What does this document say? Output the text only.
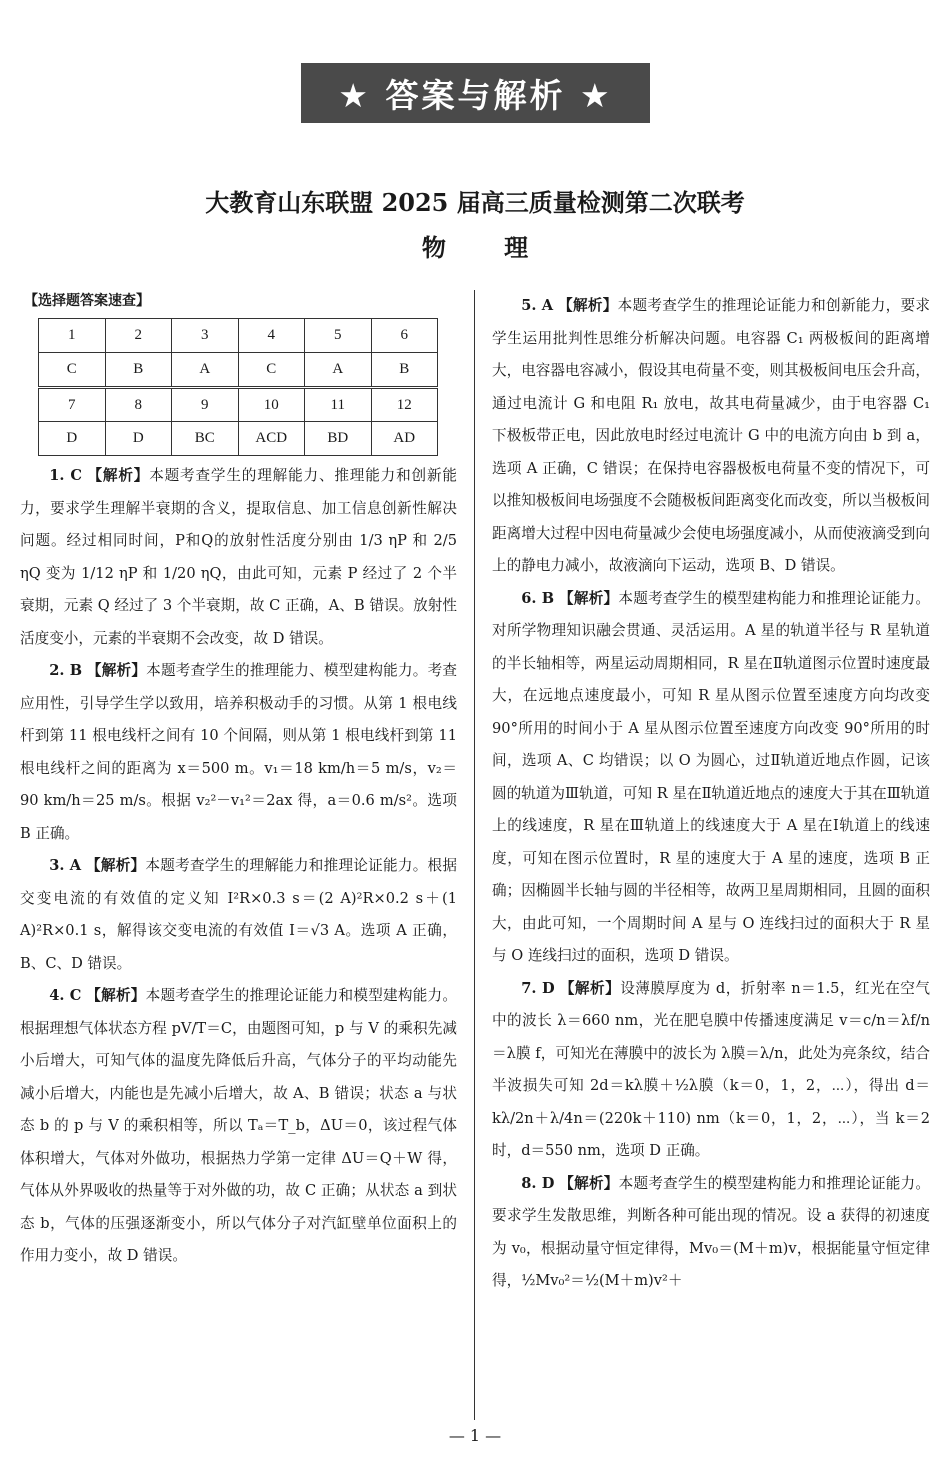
★ 答案与解析 ★
大教育山东联盟 2025 届高三质量检测第二次联考
物 理
【选择题答案速查】
1	2	3	4	5	6
C	B	A	C	A	B
7	8	9	10	11	12
D	D	BC	ACD	BD	AD

1. C 【解析】本题考查学生的理解能力、推理能力和创新能力，要求学生理解半衰期的含义，提取信息、加工信息创新性解决问题。经过相同时间，P和Q的放射性活度分别由 1/3 ηP 和 2/5 ηQ 变为 1/12 ηP 和 1/20 ηQ，由此可知，元素 P 经过了 2 个半衰期，元素 Q 经过了 3 个半衰期，故 C 正确，A、B 错误。放射性活度变小，元素的半衰期不会改变，故 D 错误。

2. B 【解析】本题考查学生的推理能力、模型建构能力。考查应用性，引导学生学以致用，培养积极动手的习惯。从第 1 根电线杆到第 11 根电线杆之间有 10 个间隔，则从第 1 根电线杆到第 11 根电线杆之间的距离为 x＝500 m。v₁＝18 km/h＝5 m/s，v₂＝90 km/h＝25 m/s。根据 v₂²－v₁²＝2ax 得，a＝0.6 m/s²。选项 B 正确。

3. A 【解析】本题考查学生的理解能力和推理论证能力。根据交变电流的有效值的定义知 I²R×0.3 s＝(2 A)²R×0.2 s＋(1 A)²R×0.1 s，解得该交变电流的有效值 I＝√3 A。选项 A 正确，B、C、D 错误。

4. C 【解析】本题考查学生的推理论证能力和模型建构能力。根据理想气体状态方程 pV/T＝C，由题图可知，p 与 V 的乘积先减小后增大，可知气体的温度先降低后升高，气体分子的平均动能先减小后增大，内能也是先减小后增大，故 A、B 错误；状态 a 与状态 b 的 p 与 V 的乘积相等，所以 Tₐ＝T_b，ΔU＝0，该过程气体体积增大，气体对外做功，根据热力学第一定律 ΔU＝Q＋W 得，气体从外界吸收的热量等于对外做的功，故 C 正确；从状态 a 到状态 b，气体的压强逐渐变小，所以气体分子对汽缸壁单位面积上的作用力变小，故 D 错误。

5. A 【解析】本题考查学生的推理论证能力和创新能力，要求学生运用批判性思维分析解决问题。电容器 C₁ 两极板间的距离增大，电容器电容减小，假设其电荷量不变，则其极板间电压会升高，通过电流计 G 和电阻 R₁ 放电，故其电荷量减少，由于电容器 C₁ 下极板带正电，因此放电时经过电流计 G 中的电流方向由 b 到 a，选项 A 正确，C 错误；在保持电容器极板电荷量不变的情况下，可以推知极板间电场强度不会随极板间距离变化而改变，所以当极板间距离增大过程中因电荷量减少会使电场强度减小，从而使液滴受到向上的静电力减小，故液滴向下运动，选项 B、D 错误。

6. B 【解析】本题考查学生的模型建构能力和推理论证能力。对所学物理知识融会贯通、灵活运用。A 星的轨道半径与 R 星轨道的半长轴相等，两星运动周期相同，R 星在Ⅱ轨道图示位置时速度最大，在远地点速度最小，可知 R 星从图示位置至速度方向均改变 90°所用的时间小于 A 星从图示位置至速度方向改变 90°所用的时间，选项 A、C 均错误；以 O 为圆心，过Ⅱ轨道近地点作圆，记该圆的轨道为Ⅲ轨道，可知 R 星在Ⅱ轨道近地点的速度大于其在Ⅲ轨道上的线速度，R 星在Ⅲ轨道上的线速度大于 A 星在Ⅰ轨道上的线速度，可知在图示位置时，R 星的速度大于 A 星的速度，选项 B 正确；因椭圆半长轴与圆的半径相等，故两卫星周期相同，且圆的面积大，由此可知，一个周期时间 A 星与 O 连线扫过的面积大于 R 星与 O 连线扫过的面积，选项 D 错误。

7. D 【解析】设薄膜厚度为 d，折射率 n＝1.5，红光在空气中的波长 λ＝660 nm，光在肥皂膜中传播速度满足 v＝c/n＝λf/n＝λ膜 f，可知光在薄膜中的波长为 λ膜＝λ/n，此处为亮条纹，结合半波损失可知 2d＝kλ膜＋½λ膜（k＝0，1，2，⋯），得出 d＝kλ/2n＋λ/4n＝(220k＋110) nm（k＝0，1，2，⋯），当 k＝2 时，d＝550 nm，选项 D 正确。

8. D 【解析】本题考查学生的模型建构能力和推理论证能力。要求学生发散思维，判断各种可能出现的情况。设 a 获得的初速度为 v₀，根据动量守恒定律得，Mv₀＝(M＋m)v，根据能量守恒定律得，½Mv₀²＝½(M＋m)v²＋

— 1 —
